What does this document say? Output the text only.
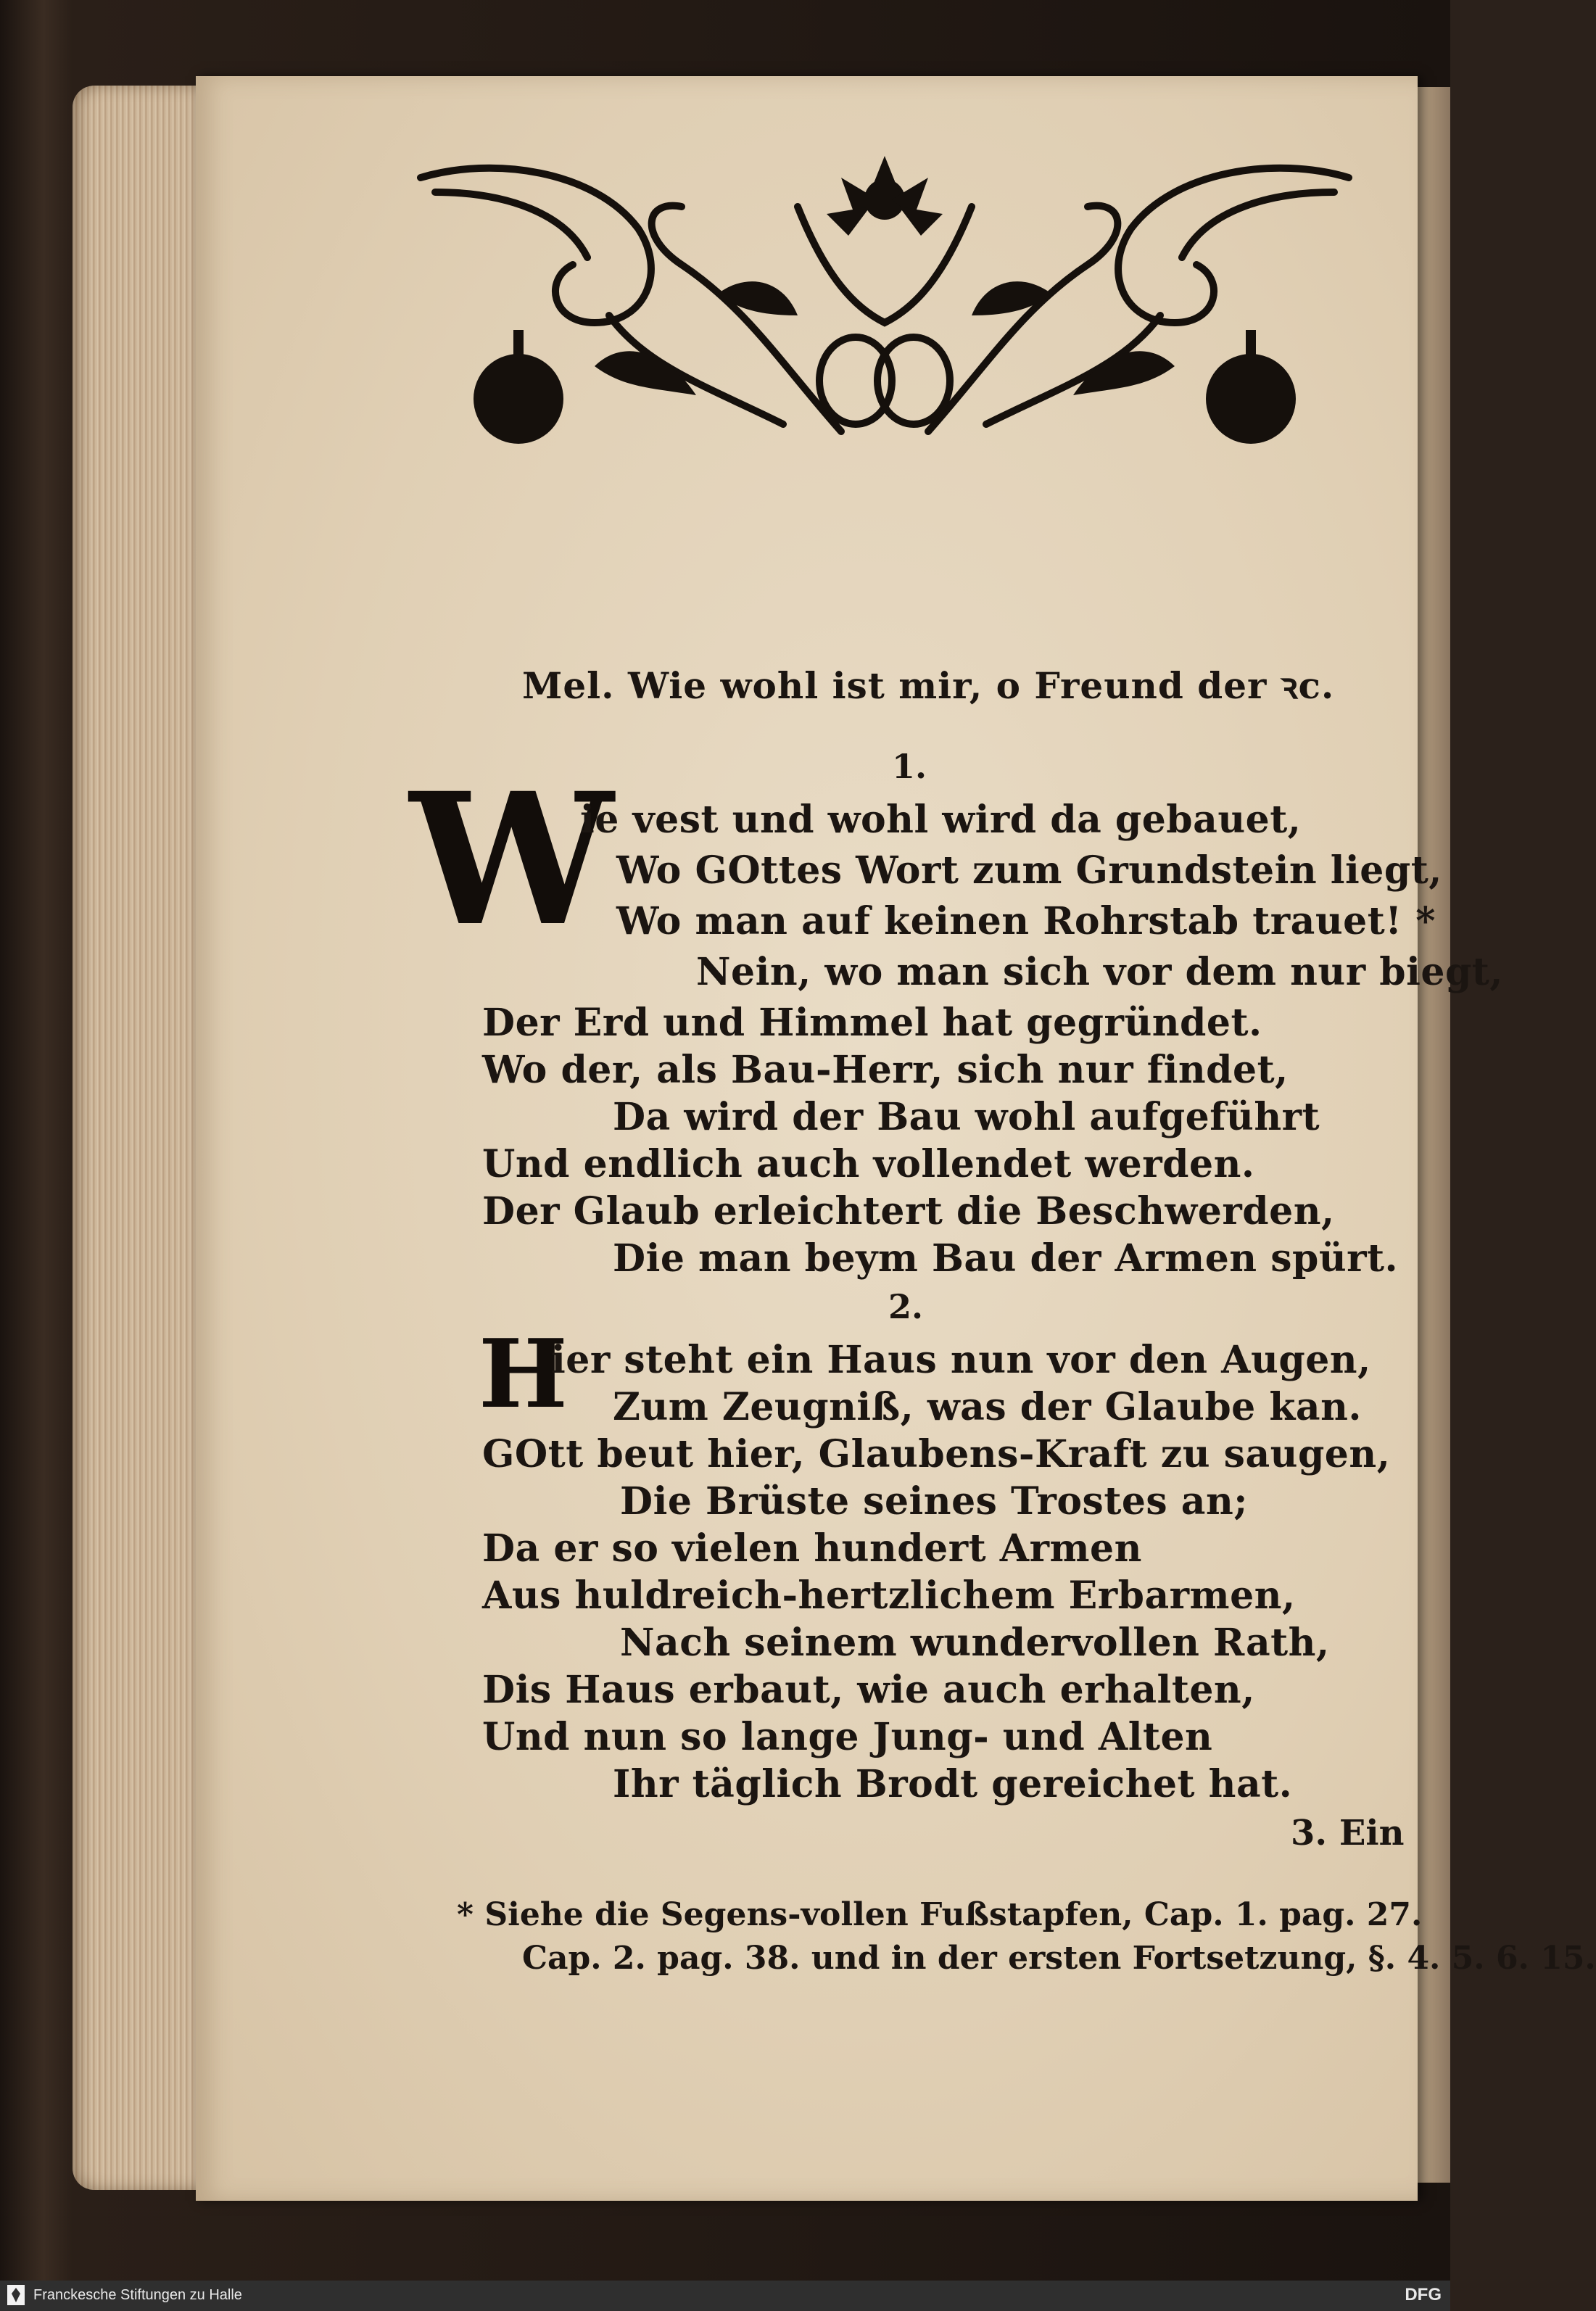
Mel. Wie wohl ist mir, o Freund der ꝛc.
1.
W
ie vest und wohl wird da gebauet,
Wo GOttes Wort zum Grundstein liegt,
Wo man auf keinen Rohrstab trauet! *
Nein, wo man sich vor dem nur biegt,
Der Erd und Himmel hat gegründet.
Wo der, als Bau-Herr, sich nur findet,
Da wird der Bau wohl aufgeführt
Und endlich auch vollendet werden.
Der Glaub erleichtert die Beschwerden,
Die man beym Bau der Armen spürt.
2.
H
ier steht ein Haus nun vor den Augen,
Zum Zeugniß, was der Glaube kan.
GOtt beut hier, Glaubens-Kraft zu saugen,
Die Brüste seines Trostes an;
Da er so vielen hundert Armen
Aus huldreich-hertzlichem Erbarmen,
Nach seinem wundervollen Rath,
Dis Haus erbaut, wie auch erhalten,
Und nun so lange Jung- und Alten
Ihr täglich Brodt gereichet hat.
3. Ein
* Siehe die Segens-vollen Fußstapfen, Cap. 1. pag. 27.
Cap. 2. pag. 38. und in der ersten Fortsetzung, §. 4. 5. 6. 15.
Franckesche Stiftungen zu Halle	DFG
